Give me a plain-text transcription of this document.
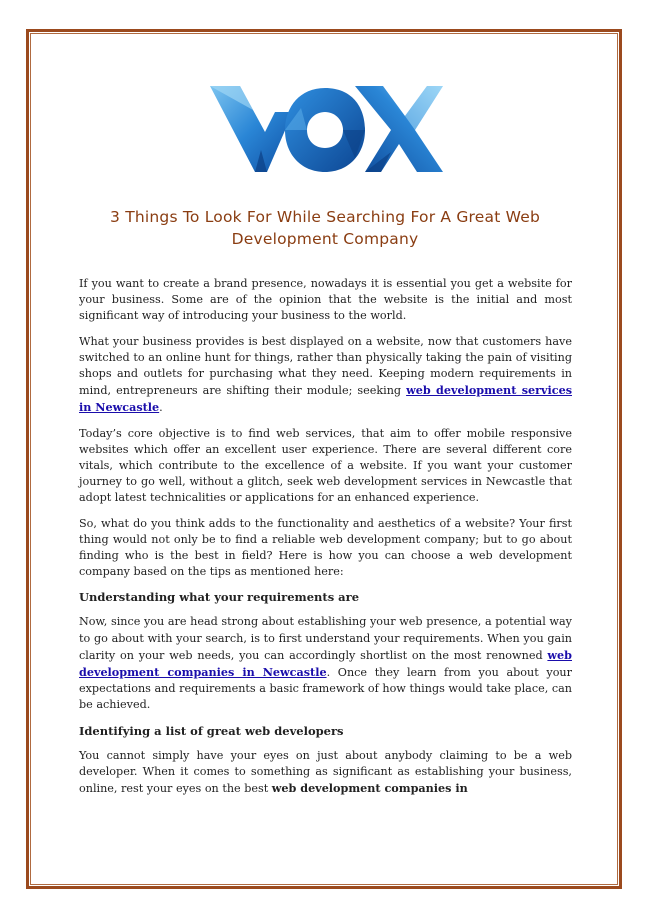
3 Things To Look For While Searching For A Great Web Development Company

If you want to create a brand presence, nowadays it is essential you get a website for your business. Some are of the opinion that the website is the initial and most significant way of introducing your business to the world.

What your business provides is best displayed on a website, now that customers have switched to an online hunt for things, rather than physically taking the pain of visiting shops and outlets for purchasing what they need. Keeping modern requirements in mind, entrepreneurs are shifting their module; seeking web development services in Newcastle.

Today’s core objective is to find web services, that aim to offer mobile responsive websites which offer an excellent user experience. There are several different core vitals, which contribute to the excellence of a website. If you want your customer journey to go well, without a glitch, seek web development services in Newcastle that adopt latest technicalities or applications for an enhanced experience.

So, what do you think adds to the functionality and aesthetics of a website? Your first thing would not only be to find a reliable web development company; but to go about finding who is the best in field? Here is how you can choose a web development company based on the tips as mentioned here:

Understanding what your requirements are

Now, since you are head strong about establishing your web presence, a potential way to go about with your search, is to first understand your requirements. When you gain clarity on your web needs, you can accordingly shortlist on the most renowned web development companies in Newcastle. Once they learn from you about your expectations and requirements a basic framework of how things would take place, can be achieved.

Identifying a list of great web developers

You cannot simply have your eyes on just about anybody claiming to be a web developer. When it comes to something as significant as establishing your business, online, rest your eyes on the best web development companies in
